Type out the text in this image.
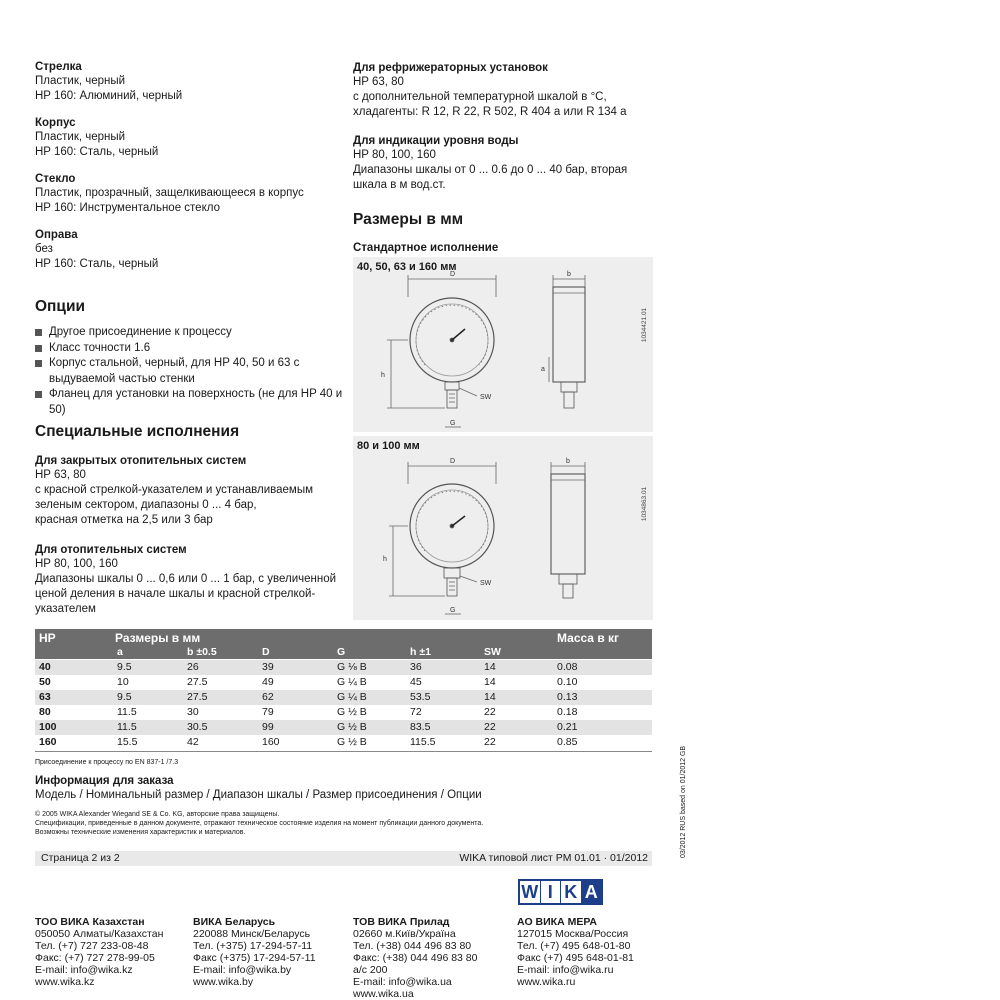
Стрелка
Пластик, черный
HP 160: Алюминий, черный
Корпус
Пластик, черный
HP 160: Сталь, черный
Стекло
Пластик, прозрачный, защелкивающееся в корпус
HP 160: Инструментальное стекло
Оправа
без
HP 160: Сталь, черный
Опции
Другое присоединение к процессу
Класс точности 1.6
Корпус стальной, черный, для HP 40, 50 и 63 с
выдуваемой частью стенки
Фланец для установки на поверхность (не для HP 40 и 50)
Специальные исполнения
Для закрытых отопительных систем
HP 63, 80
с красной стрелкой-указателем и устанавливаемым
зеленым сектором, диапазоны 0 ... 4 бар,
красная отметка на 2,5 или 3 бар
Для отопительных систем
HP 80, 100, 160
Диапазоны шкалы 0 ... 0,6 или 0 ... 1 бар, с увеличенной
ценой деления в начале шкалы и красной стрелкой-
указателем
Для рефрижераторных установок
HP 63, 80
с дополнительной температурной шкалой в °C,
хладагенты: R 12, R 22, R 502, R 404 a или R 134 a
Для индикации уровня воды
HP 80, 100, 160
Диапазоны шкалы от 0 ... 0.6 до 0 ... 40 бар, вторая
шкала в м вод.ст.
Размеры в мм
Стандартное исполнение
40, 50, 63 и 160 мм
D
h
G
SW
b
a
1034421.01
80 и 100 мм
D
h
G
SW
b
1034863.01
HP	Размеры в мм	Масса в кг
a	b ±0.5	D	G	h ±1	SW
40	9.5	26	39	G ⅛ B	36	14	0.08
50	10	27.5	49	G ¼ B	45	14	0.10
63	9.5	27.5	62	G ¼ B	53.5	14	0.13
80	11.5	30	79	G ½ B	72	22	0.18
100	11.5	30.5	99	G ½ B	83.5	22	0.21
160	15.5	42	160	G ½ B	115.5	22	0.85
Присоединение к процессу по EN 837-1 /7.3
Информация для заказа
Модель / Номинальный размер / Диапазон шкалы / Размер присоединения / Опции
© 2005 WIKA Alexander Wiegand SE & Co. KG, авторские права защищены.
Спецификации, приведенные в данном документе, отражают техническое состояние изделия на момент публикации данного документа.
Возможны технические изменения характеристик и материалов.
Страница 2 из 2	WIKA типовой лист PM 01.01 · 01/2012	03/2012 RUS based on 01/2012 GB
W I K A
ТОО ВИКА Казахстан
050050 Алматы/Казахстан
Тел. (+7) 727 233-08-48
Факс: (+7) 727 278-99-05
E-mail: info@wika.kz
www.wika.kz
ВИКА Беларусь
220088 Минск/Беларусь
Тел. (+375) 17-294-57-11
Факс (+375) 17-294-57-11
E-mail: info@wika.by
www.wika.by
ТОВ ВИКА Прилад
02660 м.Київ/Україна
Тел. (+38) 044 496 83 80
Факс: (+38) 044 496 83 80
а/с 200
E-mail: info@wika.ua
www.wika.ua
АО ВИКА МЕРА
127015 Москва/Россия
Тел. (+7) 495 648-01-80
Факс (+7) 495 648-01-81
E-mail: info@wika.ru
www.wika.ru
